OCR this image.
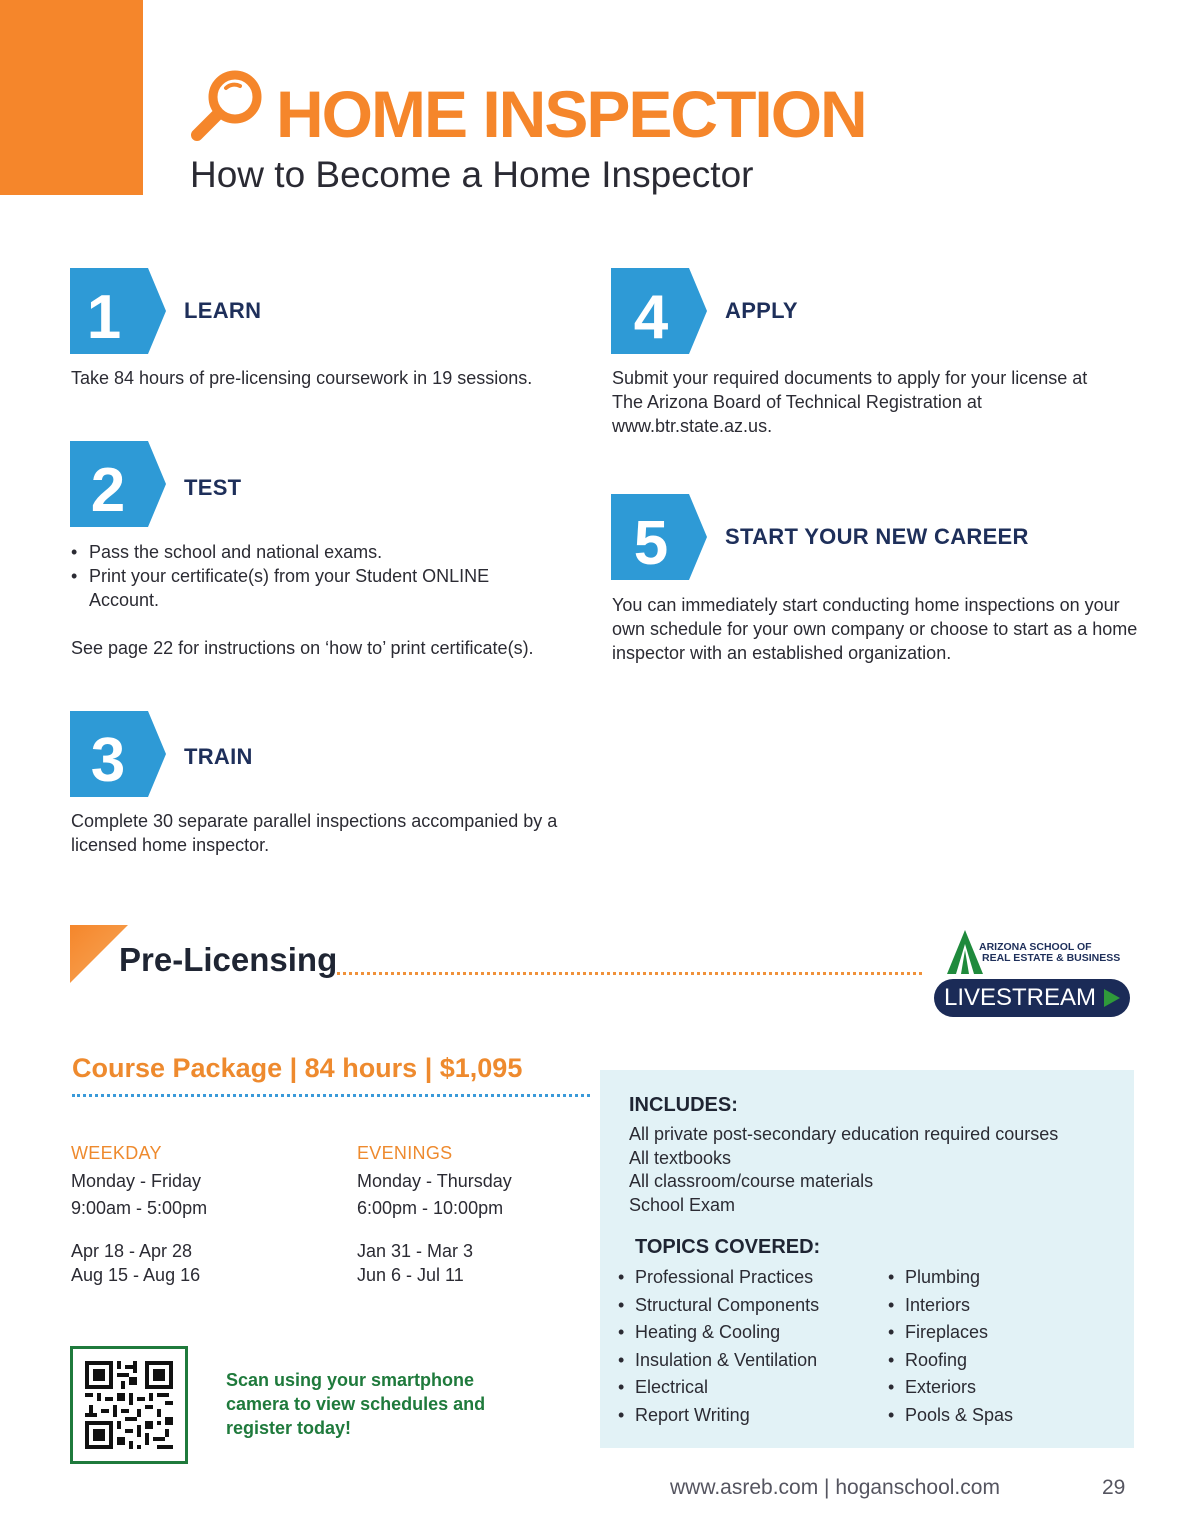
HOME INSPECTION
How to Become a Home Inspector
1	LEARN
Take 84 hours of pre-licensing coursework in 19 sessions.
2	TEST
• Pass the school and national exams.
• Print your certificate(s) from your Student ONLINE Account.
See page 22 for instructions on ‘how to’ print certificate(s).
3	TRAIN
Complete 30 separate parallel inspections accompanied by a licensed home inspector.
4	APPLY
Submit your required documents to apply for your license at The Arizona Board of Technical Registration at www.btr.state.az.us.
5	START YOUR NEW CAREER
You can immediately start conducting home inspections on your own schedule for your own company or choose to start as a home inspector with an established organization.
Pre-Licensing	ARIZONA SCHOOL OF
REAL ESTATE & BUSINESS
LIVESTREAM
Course Package | 84 hours | $1,095
WEEKDAY
Monday - Friday
9:00am - 5:00pm
Apr 18 - Apr 28
Aug 15 - Aug 16
EVENINGS
Monday - Thursday
6:00pm - 10:00pm
Jan 31 - Mar 3
Jun 6 - Jul 11
Scan using your smartphone
camera to view schedules and
register today!
INCLUDES:
All private post-secondary education required courses
All textbooks
All classroom/course materials
School Exam
TOPICS COVERED:
• Professional Practices
• Structural Components
• Heating & Cooling
• Insulation & Ventilation
• Electrical
• Report Writing
• Plumbing
• Interiors
• Fireplaces
• Roofing
• Exteriors
• Pools & Spas
www.asreb.com | hoganschool.com	29
